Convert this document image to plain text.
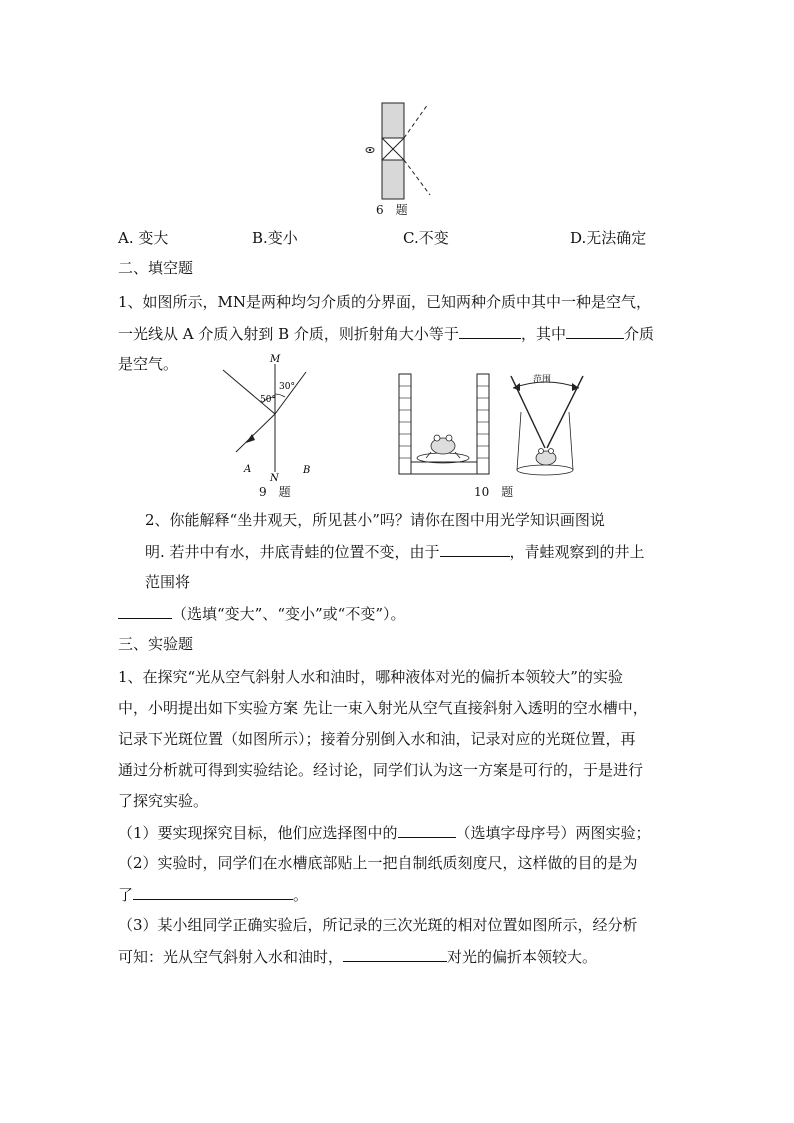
6　题
A. 变大	B.变小	C.不变	D.无法确定
二、填空题
1、如图所示，MN是两种均匀介质的分界面，已知两种介质中其中一种是空气，
一光线从 A 介质入射到 B 介质，则折射角大小等于	，其中	介质
是空气。	M
N
A	B
50°
30°
9　题
范围
10　题
2、你能解释“坐井观天，所见甚小”吗？请你在图中用光学知识画图说
明. 若井中有水，井底青蛙的位置不变，由于	，青蛙观察到的井上
范围将
（选填“变大”、“变小”或“不变”）。
三、实验题
1、在探究“光从空气斜射人水和油时，哪种液体对光的偏折本领较大”的实验
中，小明提出如下实验方案 先让一束入射光从空气直接斜射入透明的空水槽中，
记录下光斑位置（如图所示）；接着分别倒入水和油，记录对应的光斑位置，再
通过分析就可得到实验结论。经讨论，同学们认为这一方案是可行的，于是进行
了探究实验。
（1）要实现探究目标，他们应选择图中的	（选填字母序号）两图实验；
（2）实验时，同学们在水槽底部贴上一把自制纸质刻度尺，这样做的目的是为
了	。
（3）某小组同学正确实验后，所记录的三次光斑的相对位置如图所示，经分析
可知：光从空气斜射入水和油时，	对光的偏折本领较大。
